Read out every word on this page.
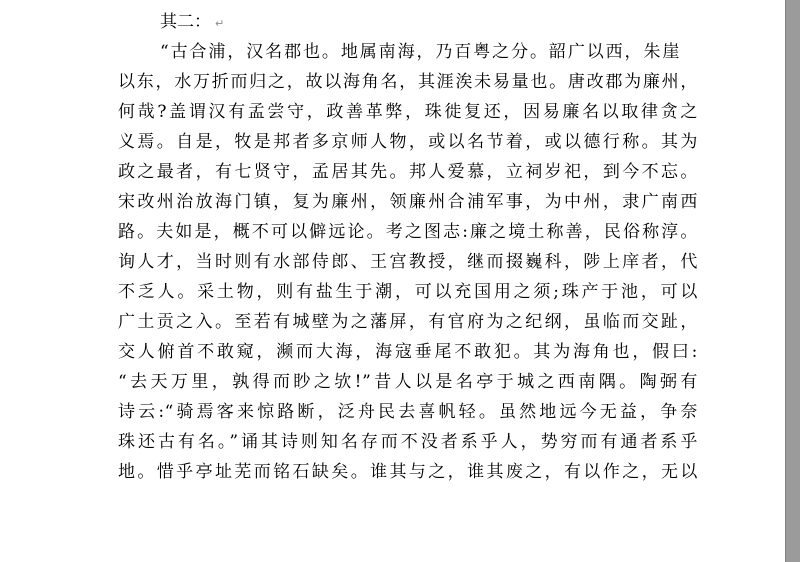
其二： ↵
“古合浦，汉名郡也。地属南海，乃百粤之分。韶广以西，朱崖
以东，水万折而归之，故以海角名，其涯涘未易量也。唐改郡为廉州，
何哉?盖谓汉有孟尝守，政善革弊，珠徙复还，因易廉名以取律贪之
义焉。自是，牧是邦者多京师人物，或以名节着，或以德行称。其为
政之最者，有七贤守，孟居其先。邦人爱慕，立祠岁祀，到今不忘。
宋改州治放海门镇，复为廉州，领廉州合浦军事，为中州，隶广南西
路。夫如是，概不可以僻远论。考之图志:廉之境土称善，民俗称淳。
询人才，当时则有水部侍郎、王宫教授，继而掇巍科，陟上庠者，代
不乏人。采土物，则有盐生于潮，可以充国用之须;珠产于池，可以
广土贡之入。至若有城壁为之藩屏，有官府为之纪纲，虽临而交趾，
交人俯首不敢窥，濒而大海，海寇垂尾不敢犯。其为海角也，假曰:
“去天万里，孰得而眇之欤!”昔人以是名亭于城之西南隅。陶弼有
诗云:“骑焉客来惊路断，泛舟民去喜帆轻。虽然地远今无益，争奈
珠还古有名。”诵其诗则知名存而不没者系乎人，势穷而有通者系乎
地。惜乎亭址芜而铭石缺矣。谁其与之，谁其废之，有以作之，无以
